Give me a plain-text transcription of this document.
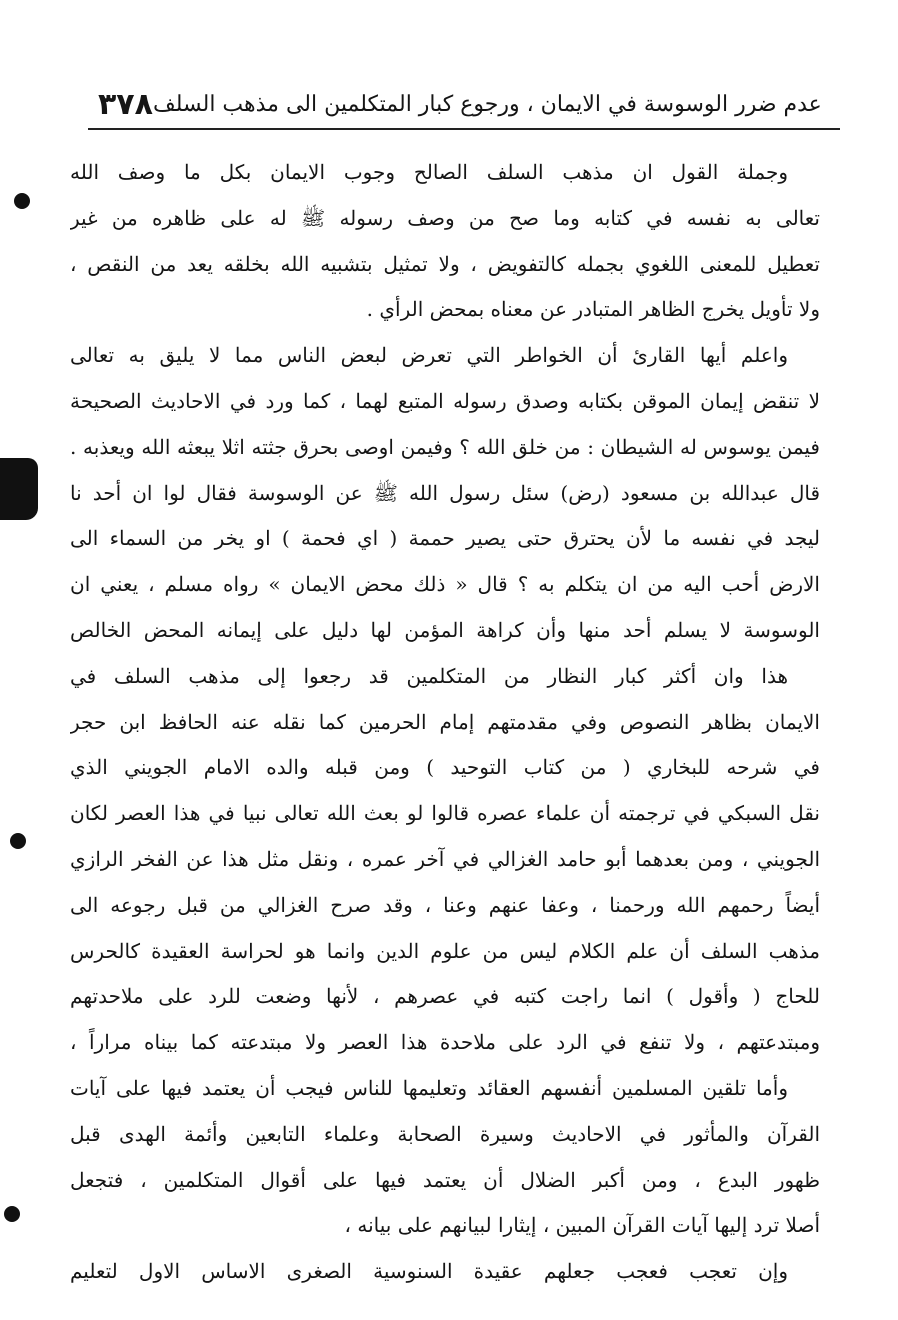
٣٧٨ عدم ضرر الوسوسة في الايمان ، ورجوع كبار المتكلمين الى مذهب السلف
وجملة القول ان مذهب السلف الصالح وجوب الايمان بكل ما وصف الله
تعالى به نفسه في كتابه وما صح من وصف رسوله ﷺ له على ظاهره من غير
تعطيل للمعنى اللغوي بجمله كالتفويض ، ولا تمثيل بتشبيه الله بخلقه يعد من النقص ،
ولا تأويل يخرج الظاهر المتبادر عن معناه بمحض الرأي .
واعلم أيها القارئ أن الخواطر التي تعرض لبعض الناس مما لا يليق به تعالى
لا تنقض إيمان الموقن بكتابه وصدق رسوله المتبع لهما ، كما ورد في الاحاديث الصحيحة
فيمن يوسوس له الشيطان : من خلق الله ؟ وفيمن اوصى بحرق جثته اثلا يبعثه الله ويعذبه .
قال عبدالله بن مسعود (رض) سئل رسول الله ﷺ عن الوسوسة فقال لوا ان أحد نا
ليجد في نفسه ما لأن يحترق حتى يصير حممة ( اي فحمة ) او يخر من السماء الى
الارض أحب اليه من ان يتكلم به ؟ قال « ذلك محض الايمان » رواه مسلم ، يعني ان
الوسوسة لا يسلم أحد منها وأن كراهة المؤمن لها دليل على إيمانه المحض الخالص
هذا وان أكثر كبار النظار من المتكلمين قد رجعوا إلى مذهب السلف في
الايمان بظاهر النصوص وفي مقدمتهم إمام الحرمين كما نقله عنه الحافظ ابن حجر
في شرحه للبخاري ( من كتاب التوحيد ) ومن قبله والده الامام الجويني الذي
نقل السبكي في ترجمته أن علماء عصره قالوا لو بعث الله تعالى نبيا في هذا العصر لكان
الجويني ، ومن بعدهما أبو حامد الغزالي في آخر عمره ، ونقل مثل هذا عن الفخر الرازي
أيضاً رحمهم الله ورحمنا ، وعفا عنهم وعنا ، وقد صرح الغزالي من قبل رجوعه الى
مذهب السلف أن علم الكلام ليس من علوم الدين وانما هو لحراسة العقيدة كالحرس
للحاج ( وأقول ) انما راجت كتبه في عصرهم ، لأنها وضعت للرد على ملاحدتهم
ومبتدعتهم ، ولا تنفع في الرد على ملاحدة هذا العصر ولا مبتدعته كما بيناه مراراً ،
وأما تلقين المسلمين أنفسهم العقائد وتعليمها للناس فيجب أن يعتمد فيها على آيات
القرآن والمأثور في الاحاديث وسيرة الصحابة وعلماء التابعين وأئمة الهدى قبل
ظهور البدع ، ومن أكبر الضلال أن يعتمد فيها على أقوال المتكلمين ، فتجعل
أصلا ترد إليها آيات القرآن المبين ، إيثارا لبيانهم على بيانه ،
وإن تعجب فعجب جعلهم عقيدة السنوسية الصغرى الاساس الاول لتعليم
